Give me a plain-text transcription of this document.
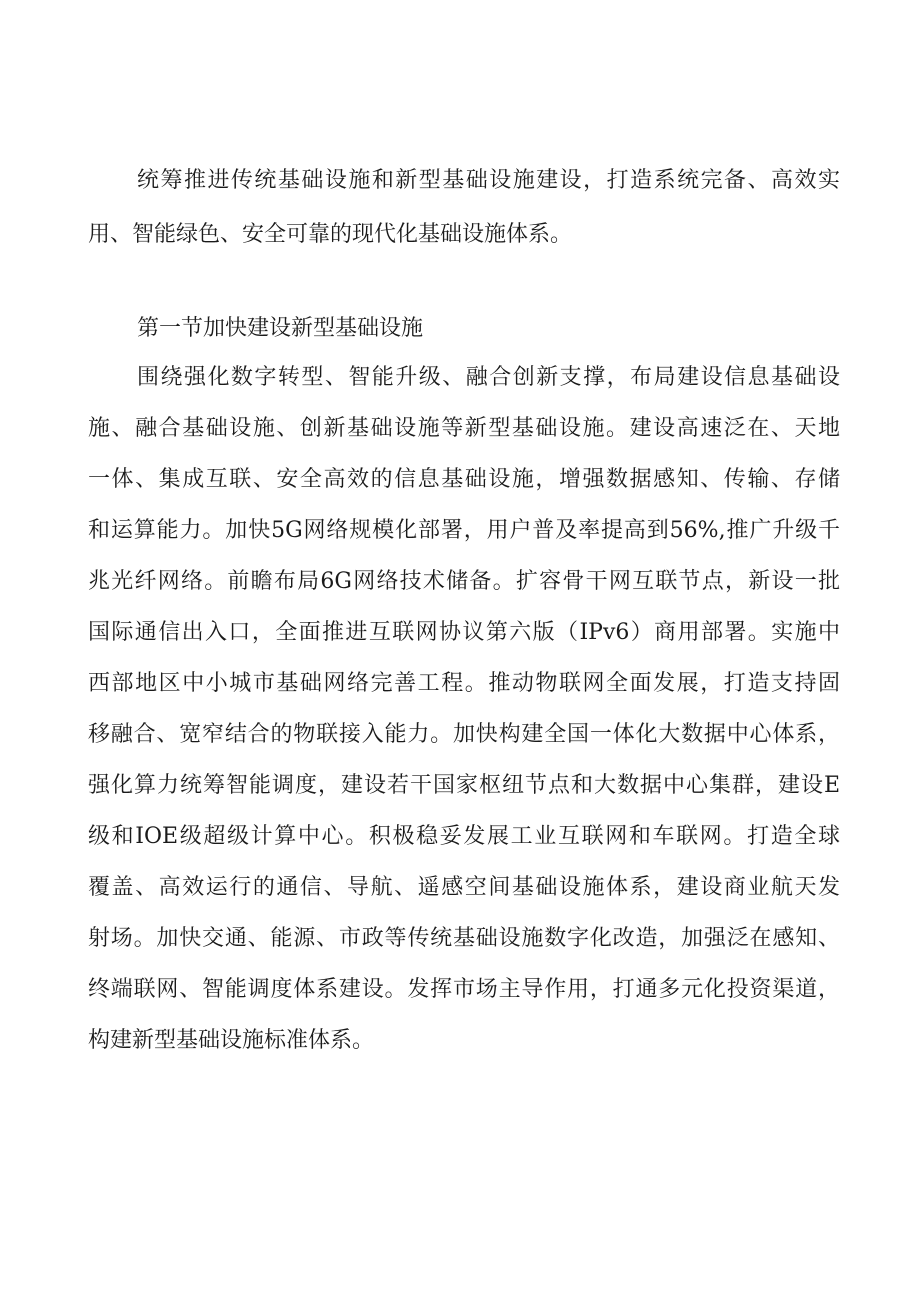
统筹推进传统基础设施和新型基础设施建设，打造系统完备、高效实

用、智能绿色、安全可靠的现代化基础设施体系。

第一节加快建设新型基础设施

围绕强化数字转型、智能升级、融合创新支撑，布局建设信息基础设

施、融合基础设施、创新基础设施等新型基础设施。建设高速泛在、天地

一体、集成互联、安全高效的信息基础设施，增强数据感知、传输、存储

和运算能力。加快5G网络规模化部署，用户普及率提高到56%,推广升级千

兆光纤网络。前瞻布局6G网络技术储备。扩容骨干网互联节点，新设一批

国际通信出入口，全面推进互联网协议第六版（IPv6）商用部署。实施中

西部地区中小城市基础网络完善工程。推动物联网全面发展，打造支持固

移融合、宽窄结合的物联接入能力。加快构建全国一体化大数据中心体系，

强化算力统筹智能调度，建设若干国家枢纽节点和大数据中心集群，建设E

级和IOE级超级计算中心。积极稳妥发展工业互联网和车联网。打造全球

覆盖、高效运行的通信、导航、遥感空间基础设施体系，建设商业航天发

射场。加快交通、能源、市政等传统基础设施数字化改造，加强泛在感知、

终端联网、智能调度体系建设。发挥市场主导作用，打通多元化投资渠道，

构建新型基础设施标准体系。
